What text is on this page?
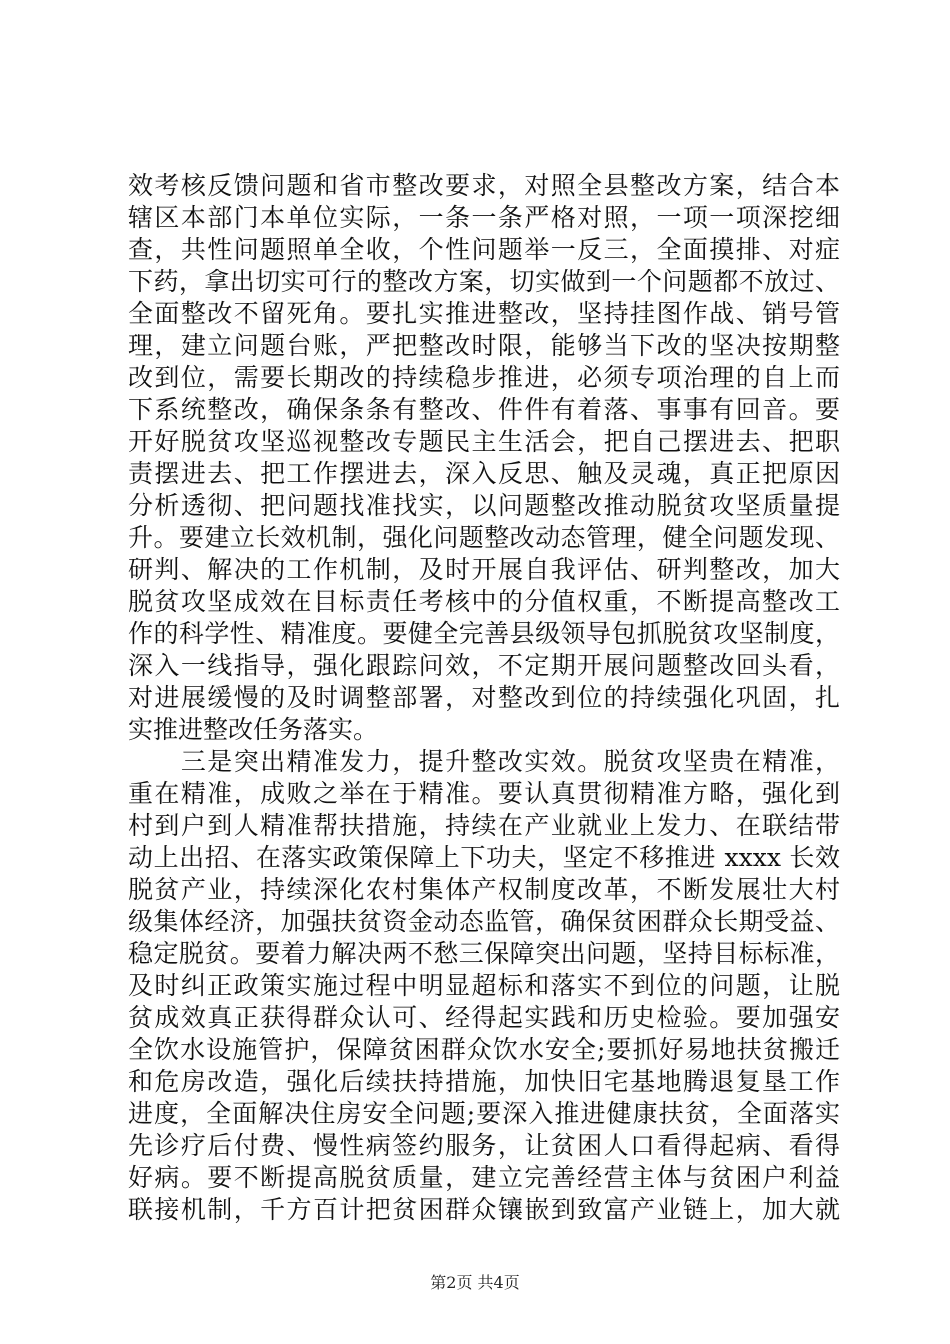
效考核反馈问题和省市整改要求，对照全县整改方案，结合本
辖区本部门本单位实际，一条一条严格对照，一项一项深挖细
查，共性问题照单全收，个性问题举一反三，全面摸排、对症
下药，拿出切实可行的整改方案，切实做到一个问题都不放过、
全面整改不留死角。要扎实推进整改，坚持挂图作战、销号管
理，建立问题台账，严把整改时限，能够当下改的坚决按期整
改到位，需要长期改的持续稳步推进，必须专项治理的自上而
下系统整改，确保条条有整改、件件有着落、事事有回音。要
开好脱贫攻坚巡视整改专题民主生活会，把自己摆进去、把职
责摆进去、把工作摆进去，深入反思、触及灵魂，真正把原因
分析透彻、把问题找准找实，以问题整改推动脱贫攻坚质量提
升。要建立长效机制，强化问题整改动态管理，健全问题发现、
研判、解决的工作机制，及时开展自我评估、研判整改，加大
脱贫攻坚成效在目标责任考核中的分值权重，不断提高整改工
作的科学性、精准度。要健全完善县级领导包抓脱贫攻坚制度，
深入一线指导，强化跟踪问效，不定期开展问题整改回头看，
对进展缓慢的及时调整部署，对整改到位的持续强化巩固，扎
实推进整改任务落实。
　　三是突出精准发力，提升整改实效。脱贫攻坚贵在精准，
重在精准，成败之举在于精准。要认真贯彻精准方略，强化到
村到户到人精准帮扶措施，持续在产业就业上发力、在联结带
动上出招、在落实政策保障上下功夫，坚定不移推进 xxxx 长效
脱贫产业，持续深化农村集体产权制度改革，不断发展壮大村
级集体经济，加强扶贫资金动态监管，确保贫困群众长期受益、
稳定脱贫。要着力解决两不愁三保障突出问题，坚持目标标准，
及时纠正政策实施过程中明显超标和落实不到位的问题，让脱
贫成效真正获得群众认可、经得起实践和历史检验。要加强安
全饮水设施管护，保障贫困群众饮水安全;要抓好易地扶贫搬迁
和危房改造，强化后续扶持措施，加快旧宅基地腾退复垦工作
进度，全面解决住房安全问题;要深入推进健康扶贫，全面落实
先诊疗后付费、慢性病签约服务，让贫困人口看得起病、看得
好病。要不断提高脱贫质量，建立完善经营主体与贫困户利益
联接机制，千方百计把贫困群众镶嵌到致富产业链上，加大就
第2页 共4页
